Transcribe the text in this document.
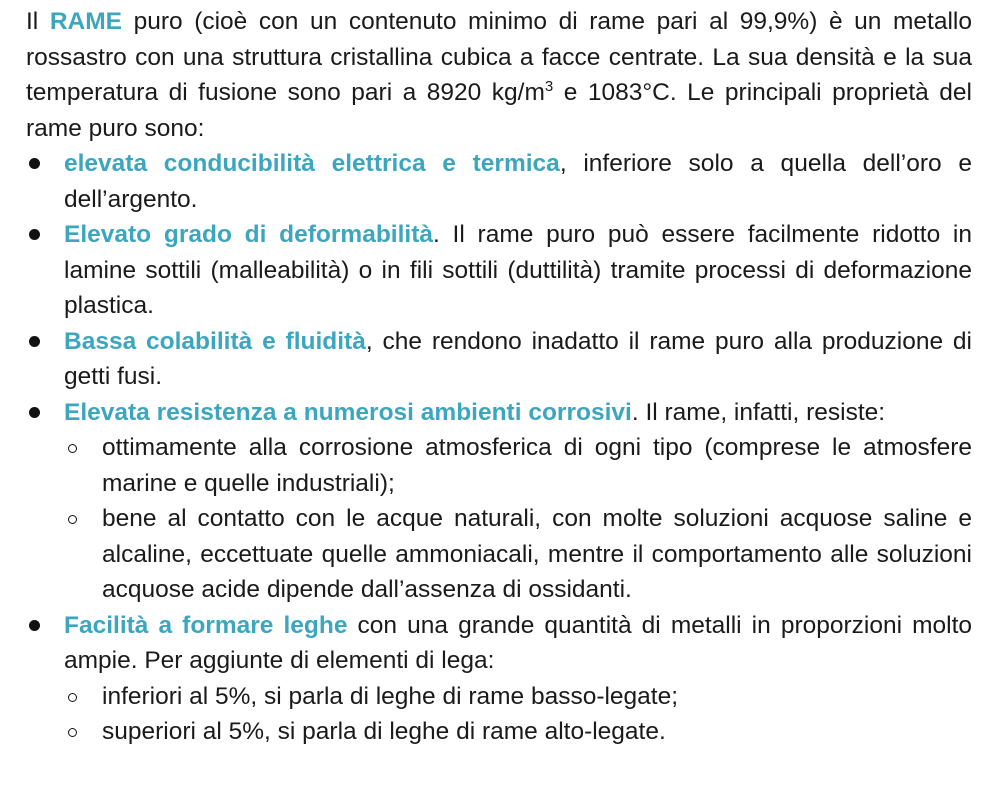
Il RAME puro (cioè con un contenuto minimo di rame pari al 99,9%) è un metallo rossastro con una struttura cristallina cubica a facce centrate. La sua densità e la sua temperatura di fusione sono pari a 8920 $kg/m^3$ e 1083°C. Le principali proprietà del rame puro sono:

elevata conducibilità elettrica e termica, inferiore solo a quella dell’oro e dell’argento.
Elevato grado di deformabilità. Il rame puro può essere facilmente ridotto in lamine sottili (malleabilità) o in fili sottili (duttilità) tramite processi di deformazione plastica.
Bassa colabilità e fluidità, che rendono inadatto il rame puro alla produzione di getti fusi.
Elevata resistenza a numerosi ambienti corrosivi. Il rame, infatti, resiste:
ottimamente alla corrosione atmosferica di ogni tipo (comprese le atmosfere marine e quelle industriali);
bene al contatto con le acque naturali, con molte soluzioni acquose saline e alcaline, eccettuate quelle ammoniacali, mentre il comportamento alle soluzioni acquose acide dipende dall’assenza di ossidanti.
Facilità a formare leghe con una grande quantità di metalli in proporzioni molto ampie. Per aggiunte di elementi di lega:
inferiori al 5%, si parla di leghe di rame basso-legate;
superiori al 5%, si parla di leghe di rame alto-legate.
